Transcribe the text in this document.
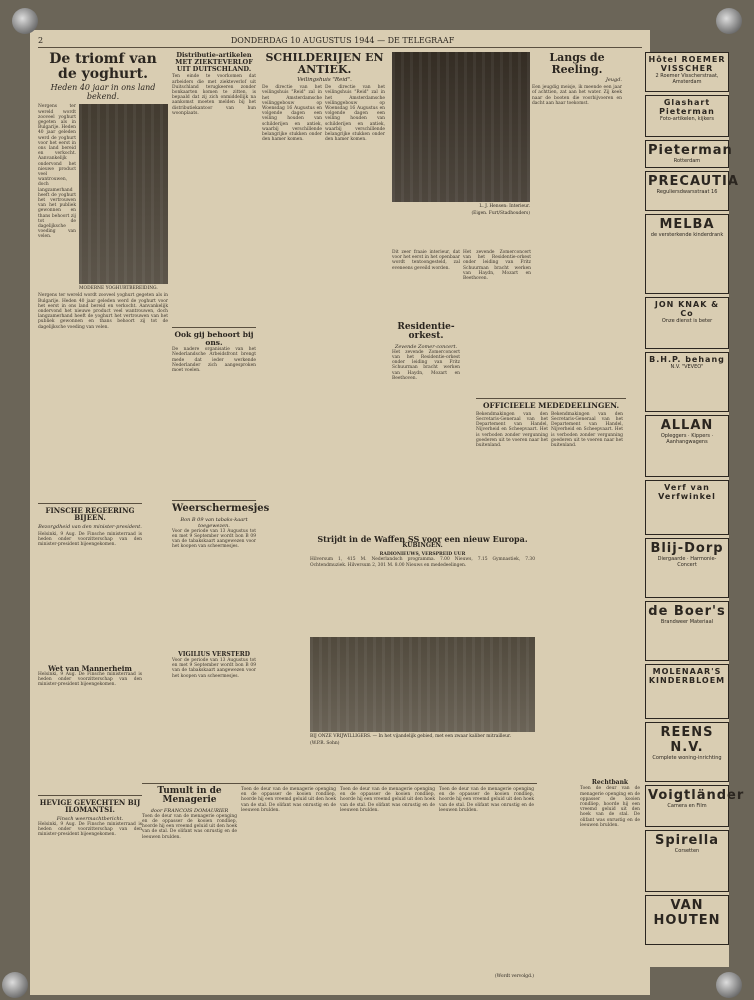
2	DONDERDAG 10 AUGUSTUS 1944 — DE TELEGRAAF
De triomf van de yoghurt.
Heden 40 jaar in ons land bekend.
Nergens ter wereld wordt zooveel yoghurt gegeten als in Bulgarije. Heden 40 jaar geleden werd de yoghurt voor het eerst in ons land bereid en verkocht. Aanvankelijk ondervond het nieuwe product veel wantrouwen, doch langzamerhand heeft de yoghurt het vertrouwen van het publiek gewonnen en thans behoort zij tot de dagelijksche voeding van velen.
MODERNE YOGHURTBEREIDING.
Nergens ter wereld wordt zooveel yoghurt gegeten als in Bulgarije. Heden 40 jaar geleden werd de yoghurt voor het eerst in ons land bereid en verkocht. Aanvankelijk ondervond het nieuwe product veel wantrouwen, doch langzamerhand heeft de yoghurt het vertrouwen van het publiek gewonnen en thans behoort zij tot de dagelijksche voeding van velen.
FINSCHE REGEERING BIJEEN.
Bezorgdheid van den minister-president.
Helsinki, 9 Aug. De Finsche ministerraad is heden onder voorzitterschap van den minister-president bijeengekomen.
Wet van Mannerheim
Helsinki, 9 Aug. De Finsche ministerraad is heden onder voorzitterschap van den minister-president bijeengekomen.
HEVIGE GEVECHTEN BIJ ILOMANTSI.
Finsch weermachtbericht.
Helsinki, 9 Aug. De Finsche ministerraad is heden onder voorzitterschap van den minister-president bijeengekomen.
Distributie-artikelen MET ZIEKTEVERLOF UIT DUITSCHLAND.
Ten einde te voorkomen dat arbeiders die met ziekteverlof uit Duitschland terugkeeren zonder bonkaarten komen te zitten, is bepaald dat zij zich onmiddellijk na aankomst moeten melden bij het distributiekantoor van hun woonplaats.
Ook gij behoort bij ons.
De nadere organisatie van het Nederlandsche Arbeidsfront brengt mede dat ieder werkende Nederlander zich aangesproken moet voelen.
Weerschermesjes
Bon B 09 van tabaks-kaart toegewezen.
Voor de periode van 13 Augustus tot en met 9 September wordt bon B 09 van de tabakskaart aangewezen voor het koopen van scheermesjes.
VIGILIUS VERSTERD
Voor de periode van 13 Augustus tot en met 9 September wordt bon B 09 van de tabakskaart aangewezen voor het koopen van scheermesjes.
SCHILDERIJEN EN ANTIEK.
Veilingshuis "Reid".
De directie van het veilingshuis "Reid" zal in het Amsterdamsche veilinggebouw op Woensdag 16 Augustus en volgende dagen een veiling houden van schilderijen en antiek, waarbij verschillende belangrijke stukken onder den hamer komen.
De directie van het veilingshuis "Reid" zal in het Amsterdamsche veilinggebouw op Woensdag 16 Augustus en volgende dagen een veiling houden van schilderijen en antiek, waarbij verschillende belangrijke stukken onder den hamer komen.
L. J. Hensen: Interieur.
(Eigen. Furt/Stadhouders)
Dit zeer fraaie interieur, dat voor het eerst in het openbaar wordt tentoongesteld, zal eveneens geveild worden.
Residentie-orkest.
Zevende Zomer-concert.
Het zevende Zomerconcert van het Residentie-orkest onder leiding van Fritz Schuurman bracht werken van Haydn, Mozart en Beethoven.
Het zevende Zomerconcert van het Residentie-orkest onder leiding van Fritz Schuurman bracht werken van Haydn, Mozart en Beethoven.
Strijdt in de Waffen SS voor een nieuw Europa.
KUBINGEN.
RADIONIEUWS, VERSPREID UUR
Hilversum 1, 415 M. Nederlandsch programma. 7.00 Nieuws, 7.15 Gymnastiek, 7.30 Ochtendmuziek. Hilversum 2, 301 M. 8.00 Nieuws en mededeelingen.
BIJ ONZE VRIJWILLIGERS. — In het vijandelijk gebied, met een zwaar kaliber mitrailleur.
(W.P.R. Sohn)
Tumult in de Menagerie
door FRANCOIS DOMAURIER
Toen de deur van de menagerie openging en de oppasser de kooien rondliep, hoorde hij een vreemd geluid uit den hoek van de stal. De olifant was onrustig en de leeuwen brulden.
Toen de deur van de menagerie openging en de oppasser de kooien rondliep, hoorde hij een vreemd geluid uit den hoek van de stal. De olifant was onrustig en de leeuwen brulden.
Toen de deur van de menagerie openging en de oppasser de kooien rondliep, hoorde hij een vreemd geluid uit den hoek van de stal. De olifant was onrustig en de leeuwen brulden.
Toen de deur van de menagerie openging en de oppasser de kooien rondliep, hoorde hij een vreemd geluid uit den hoek van de stal. De olifant was onrustig en de leeuwen brulden.
(Wordt vervolgd.)
Langs de Reeling.
Jeugd.
Een jeugdig meisje, ik meende een jaar of achttien, zat aan het water. Zij keek naar de booten die voorbijvoeren en dacht aan haar toekomst.
OFFICIEELE MEDEDEELINGEN.
Bekendmakingen van den Secretaris-Generaal van het Departement van Handel, Nijverheid en Scheepvaart. Het is verboden zonder vergunning goederen uit te voeren naar het buitenland.
Bekendmakingen van den Secretaris-Generaal van het Departement van Handel, Nijverheid en Scheepvaart. Het is verboden zonder vergunning goederen uit te voeren naar het buitenland.
Hôtel ROEMER VISSCHER
2 Roemer Visscherstraat, Amsterdam
Glashart Pieterman
Foto-artikelen, kijkers
Pieterman
Rotterdam
PRECAUTIA
Reguliersdwarsstraat 16
MELBA
de versterkende kinderdrank
JON KNAK & Co
Onze dienst is beter
B.H.P. behang
N.V. "VEVEO"
ALLAN
Opleggers · Kippers · Aanhangwagens
Verf van Verfwinkel
Blij-Dorp
Diergaarde · Harmonie-Concert
de Boer's
Brandweer Materiaal
MOLENAAR'S KINDERBLOEM
REENS N.V.
Complete woning-inrichting
Voigtländer
Camera en Film
Spirella
Corsetten
VAN HOUTEN
Rechtbank
Toen de deur van de menagerie openging en de oppasser de kooien rondliep, hoorde hij een vreemd geluid uit den hoek van de stal. De olifant was onrustig en de leeuwen brulden.
